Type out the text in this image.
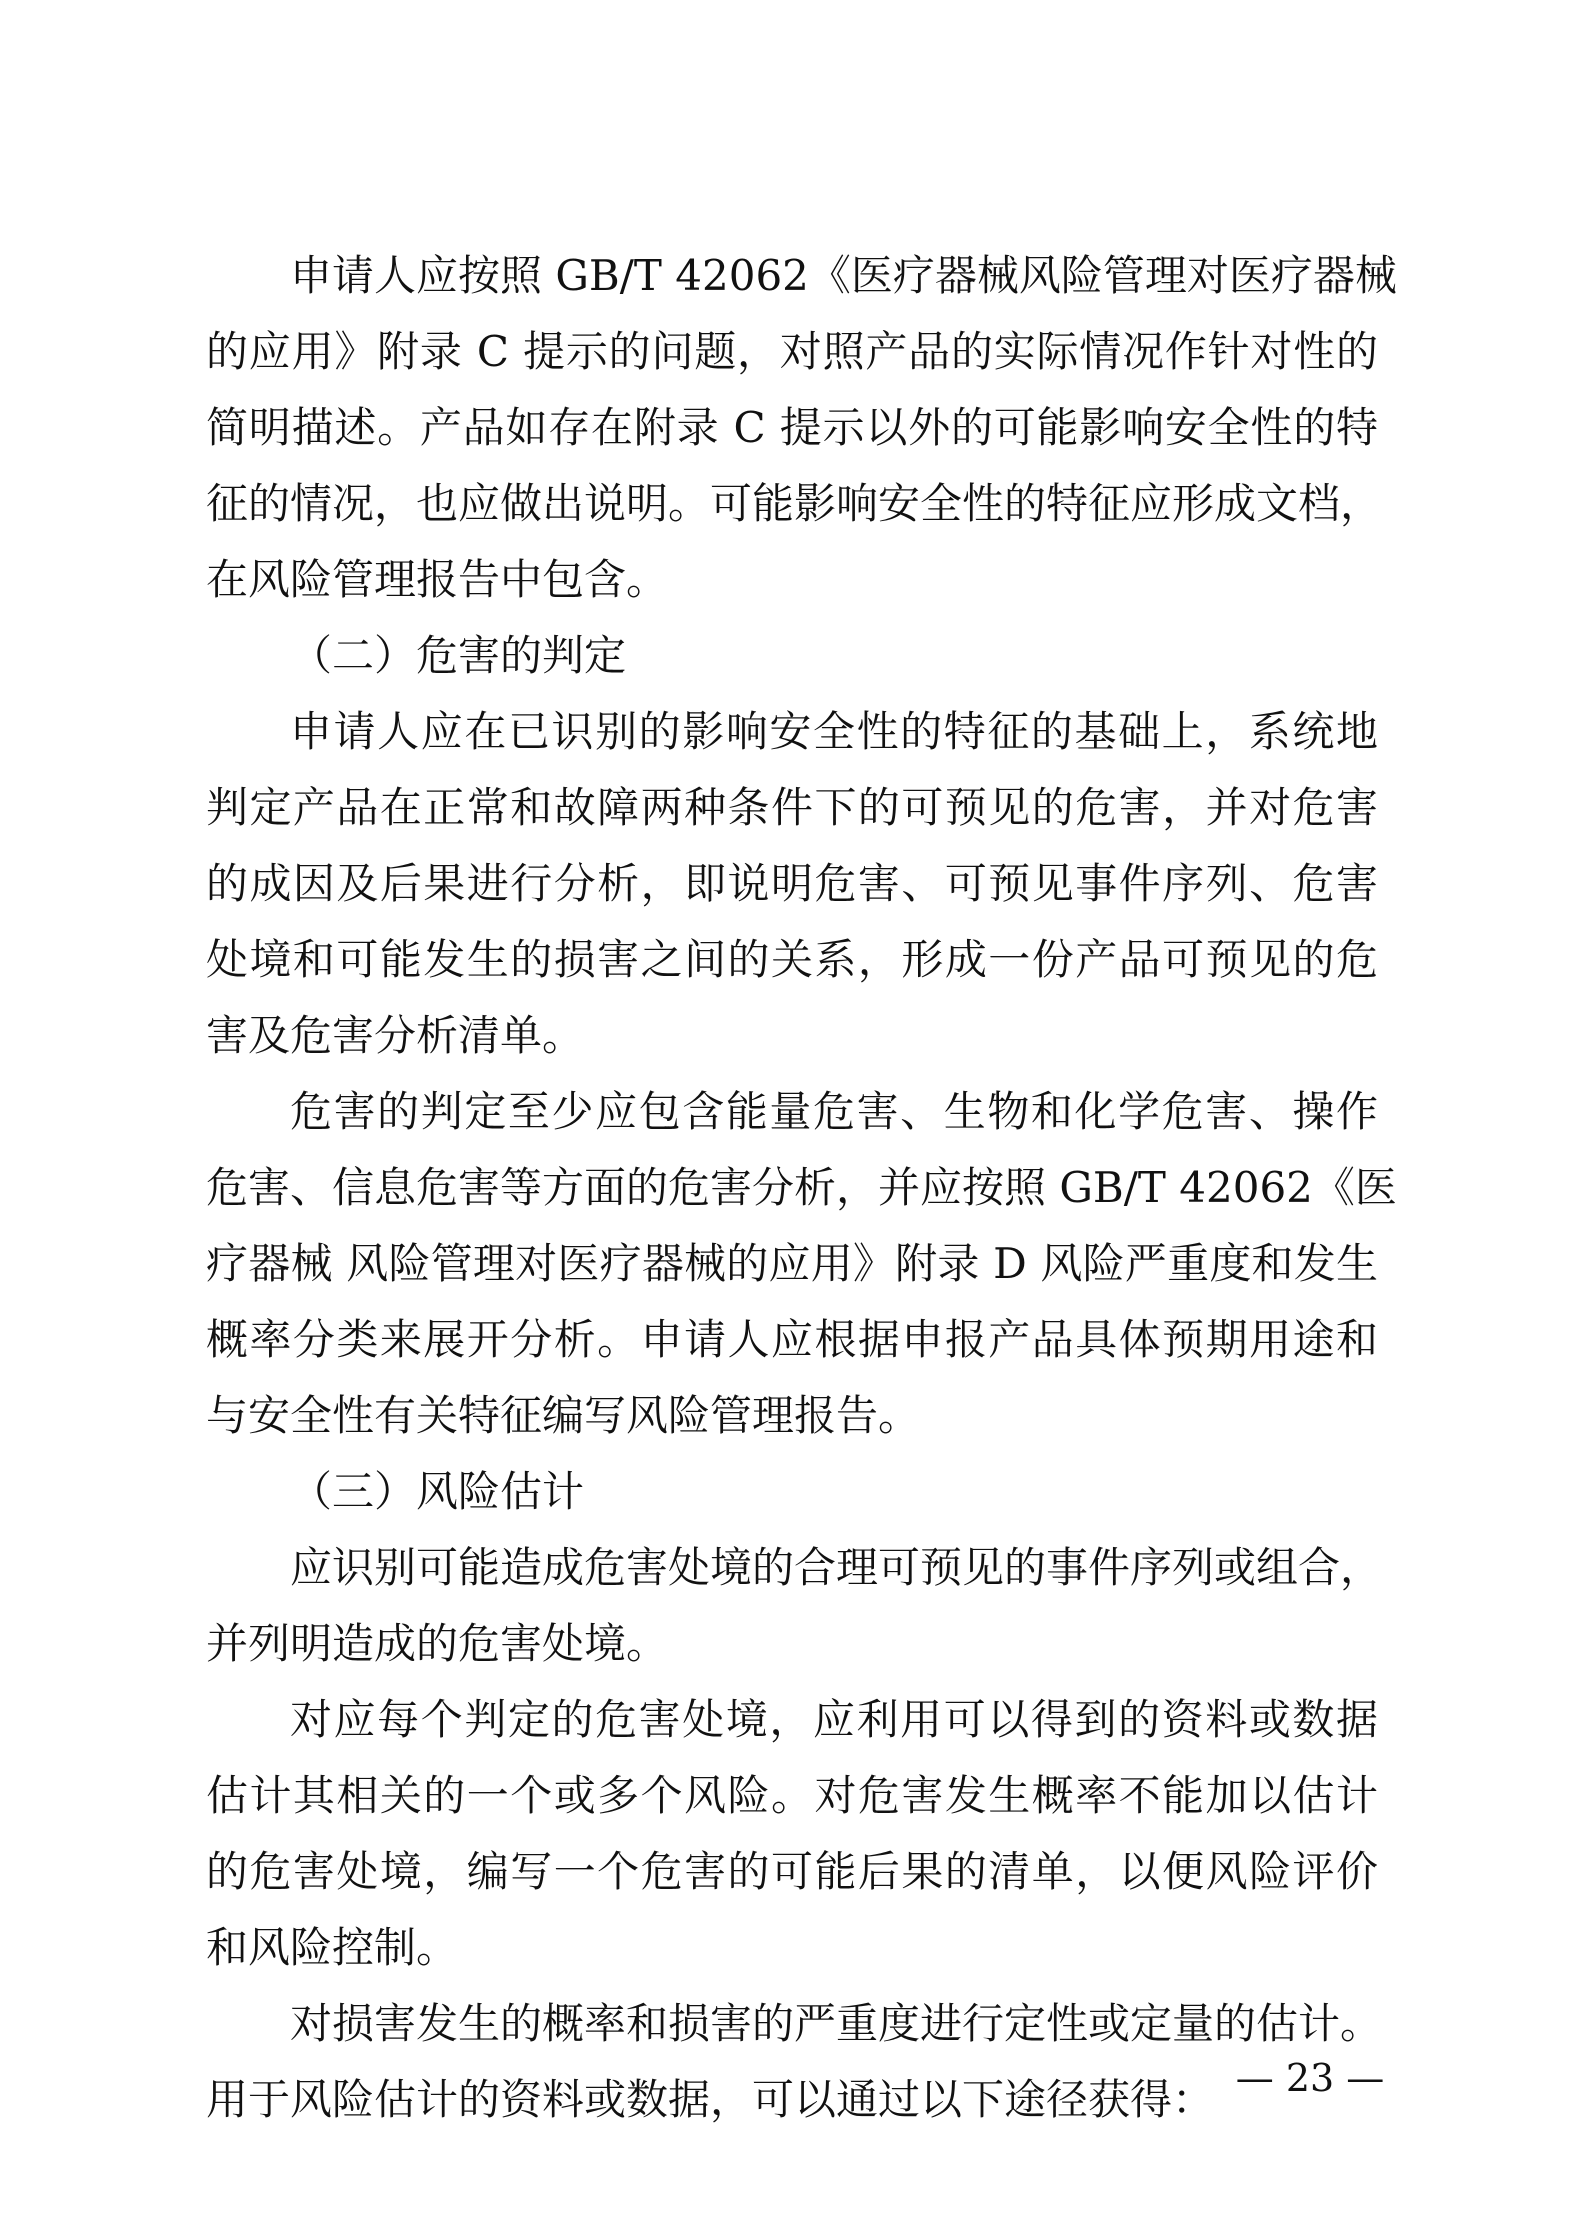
申请人应按照 GB/T 42062《医疗器械风险管理对医疗器械
的应用》附录 C 提示的问题，对照产品的实际情况作针对性的
简明描述。产品如存在附录 C 提示以外的可能影响安全性的特
征的情况，也应做出说明。可能影响安全性的特征应形成文档，
在风险管理报告中包含。
（二）危害的判定
申请人应在已识别的影响安全性的特征的基础上，系统地
判定产品在正常和故障两种条件下的可预见的危害，并对危害
的成因及后果进行分析，即说明危害、可预见事件序列、危害
处境和可能发生的损害之间的关系，形成一份产品可预见的危
害及危害分析清单。
危害的判定至少应包含能量危害、生物和化学危害、操作
危害、信息危害等方面的危害分析，并应按照 GB/T 42062《医
疗器械 风险管理对医疗器械的应用》附录 D 风险严重度和发生
概率分类来展开分析。申请人应根据申报产品具体预期用途和
与安全性有关特征编写风险管理报告。
（三）风险估计
应识别可能造成危害处境的合理可预见的事件序列或组合，
并列明造成的危害处境。
对应每个判定的危害处境，应利用可以得到的资料或数据
估计其相关的一个或多个风险。对危害发生概率不能加以估计
的危害处境，编写一个危害的可能后果的清单，以便风险评价
和风险控制。
对损害发生的概率和损害的严重度进行定性或定量的估计。
用于风险估计的资料或数据，可以通过以下途径获得： — 23 —
